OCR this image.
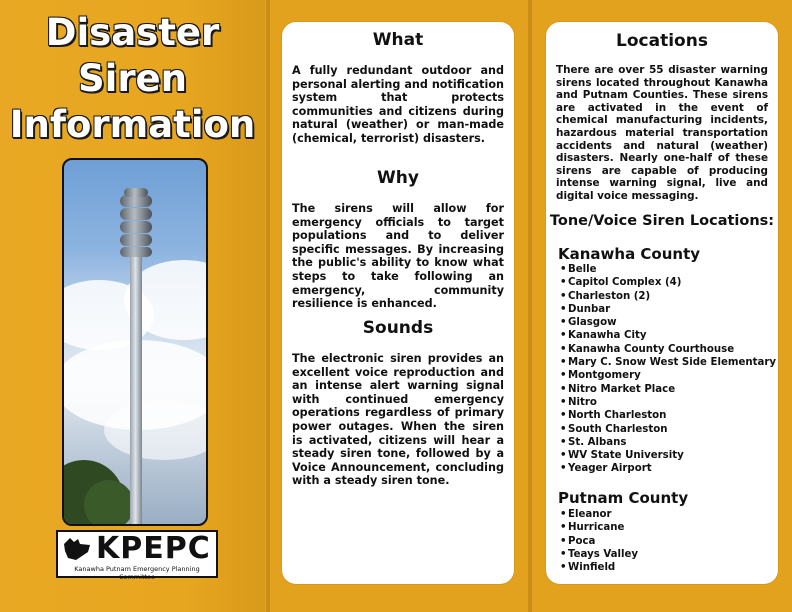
Disaster
Siren
Information
KPEPC
Kanawha Putnam Emergency Planning Committee
What

A fully redundant outdoor and personal alerting and notification system that protects communities and citizens during natural (weather) or man-made (chemical, terrorist) disasters.

Why

The sirens will allow for emergency officials to target populations and to deliver specific messages. By increasing the public's ability to know what steps to take following an emergency, community resilience is enhanced.

Sounds

The electronic siren provides an excellent voice reproduction and an intense alert warning signal with continued emergency operations regardless of primary power outages. When the siren is activated, citizens will hear a steady siren tone, followed by a Voice Announcement, concluding with a steady siren tone.

Locations

There are over 55 disaster warning sirens located throughout Kanawha and Putnam Counties. These sirens are activated in the event of chemical manufacturing incidents, hazardous material transportation accidents and natural (weather) disasters. Nearly one-half of these sirens are capable of producing intense warning signal, live and digital voice messaging.

Tone/Voice Siren Locations:
Kanawha County
• Belle
• Capitol Complex (4)
• Charleston (2)
• Dunbar
• Glasgow
• Kanawha City
• Kanawha County Courthouse
• Mary C. Snow West Side Elementary
• Montgomery
• Nitro Market Place
• Nitro
• North Charleston
• South Charleston
• St. Albans
• WV State University
• Yeager Airport
Putnam County
• Eleanor
• Hurricane
• Poca
• Teays Valley
• Winfield
